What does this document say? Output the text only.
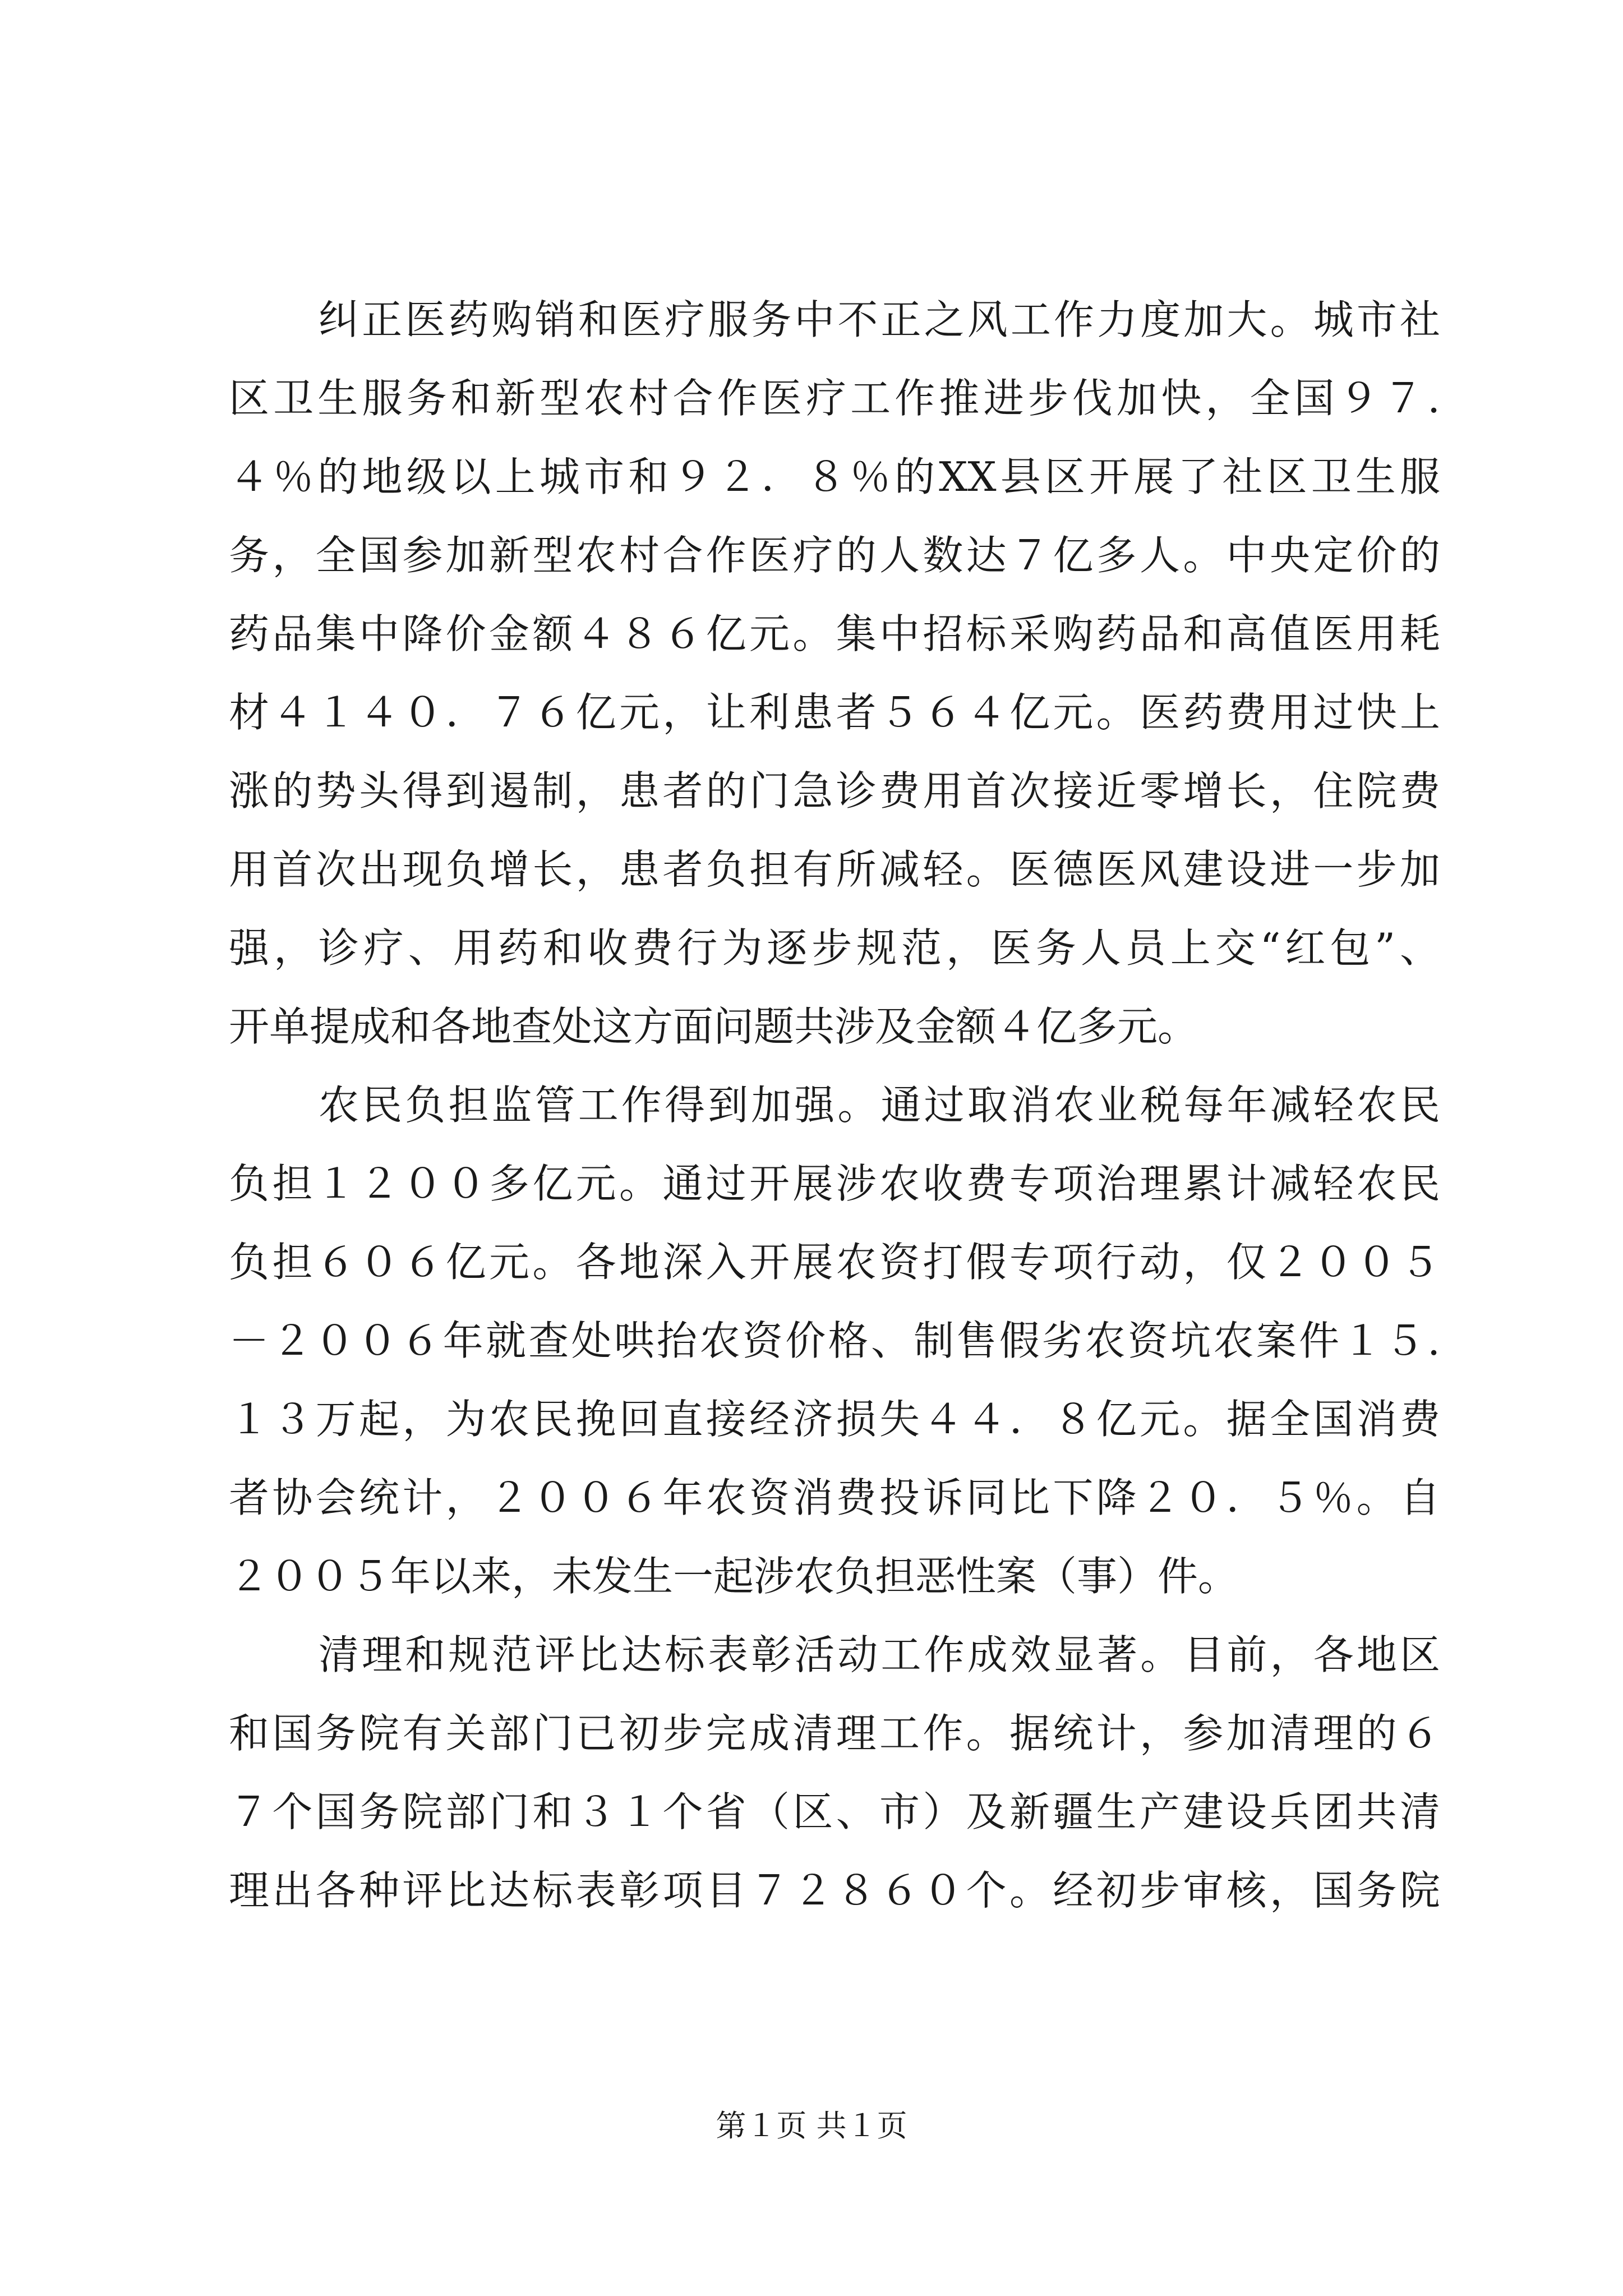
纠正医药购销和医疗服务中不正之风工作力度加大。城市社
区卫生服务和新型农村合作医疗工作推进步伐加快，全国９７.
４％的地级以上城市和９２．８％的XX县区开展了社区卫生服
务，全国参加新型农村合作医疗的人数达７亿多人。中央定价的
药品集中降价金额４８６亿元。集中招标采购药品和高值医用耗
材４１４０．７６亿元，让利患者５６４亿元。医药费用过快上
涨的势头得到遏制，患者的门急诊费用首次接近零增长，住院费
用首次出现负增长，患者负担有所减轻。医德医风建设进一步加
强，诊疗、用药和收费行为逐步规范，医务人员上交“红包”、
开单提成和各地查处这方面问题共涉及金额４亿多元。
农民负担监管工作得到加强。通过取消农业税每年减轻农民
负担１２００多亿元。通过开展涉农收费专项治理累计减轻农民
负担６０６亿元。各地深入开展农资打假专项行动，仅２００５
－２００６年就查处哄抬农资价格、制售假劣农资坑农案件１５.
１３万起，为农民挽回直接经济损失４４．８亿元。据全国消费
者协会统计，２００６年农资消费投诉同比下降２０．５％。自
２００５年以来，未发生一起涉农负担恶性案（事）件。
清理和规范评比达标表彰活动工作成效显著。目前，各地区
和国务院有关部门已初步完成清理工作。据统计，参加清理的６
７个国务院部门和３１个省（区、市）及新疆生产建设兵团共清
理出各种评比达标表彰项目７２８６０个。经初步审核，国务院
第１页 共１页
